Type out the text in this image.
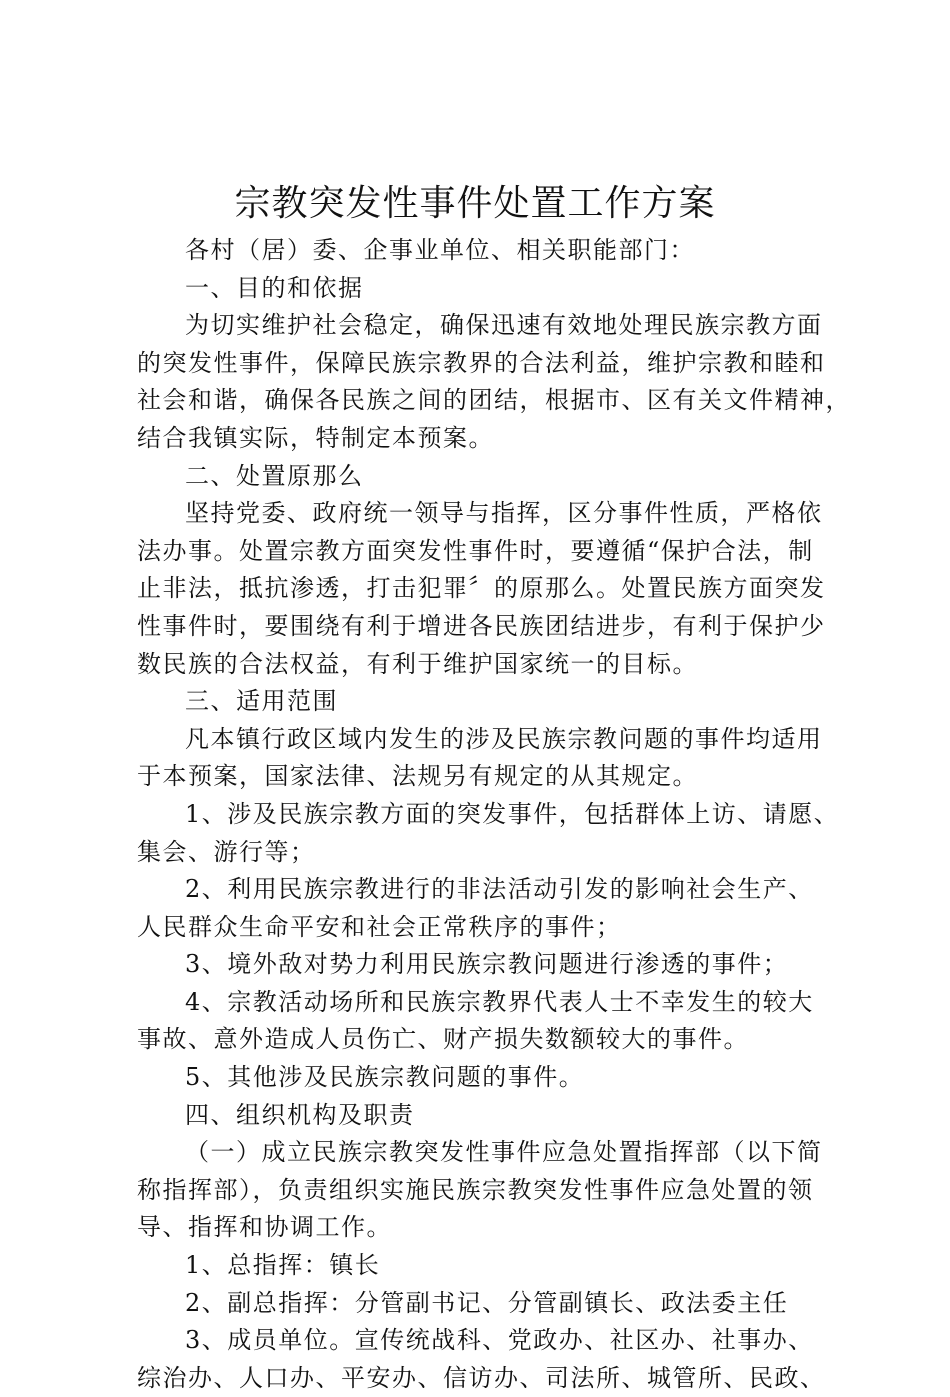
宗教突发性事件处置工作方案
各村（居）委、企事业单位、相关职能部门：
一、目的和依据
为切实维护社会稳定，确保迅速有效地处理民族宗教方面
的突发性事件，保障民族宗教界的合法利益，维护宗教和睦和
社会和谐，确保各民族之间的团结，根据市、区有关文件精神，
结合我镇实际，特制定本预案。
二、处置原那么
坚持党委、政府统一领导与指挥，区分事件性质，严格依
法办事。处置宗教方面突发性事件时，要遵循“保护合法，制
止非法，抵抗渗透，打击犯罪〞的原那么。处置民族方面突发
性事件时，要围绕有利于增进各民族团结进步，有利于保护少
数民族的合法权益，有利于维护国家统一的目标。
三、适用范围
凡本镇行政区域内发生的涉及民族宗教问题的事件均适用
于本预案，国家法律、法规另有规定的从其规定。
1、涉及民族宗教方面的突发事件，包括群体上访、请愿、
集会、游行等；
2、利用民族宗教进行的非法活动引发的影响社会生产、
人民群众生命平安和社会正常秩序的事件；
3、境外敌对势力利用民族宗教问题进行渗透的事件；
4、宗教活动场所和民族宗教界代表人士不幸发生的较大
事故、意外造成人员伤亡、财产损失数额较大的事件。
5、其他涉及民族宗教问题的事件。
四、组织机构及职责
（一）成立民族宗教突发性事件应急处置指挥部（以下简
称指挥部），负责组织实施民族宗教突发性事件应急处置的领
导、指挥和协调工作。
1、总指挥：镇长
2、副总指挥：分管副书记、分管副镇长、政法委主任
3、成员单位。宣传统战科、党政办、社区办、社事办、
综治办、人口办、平安办、信访办、司法所、城管所、民政、
